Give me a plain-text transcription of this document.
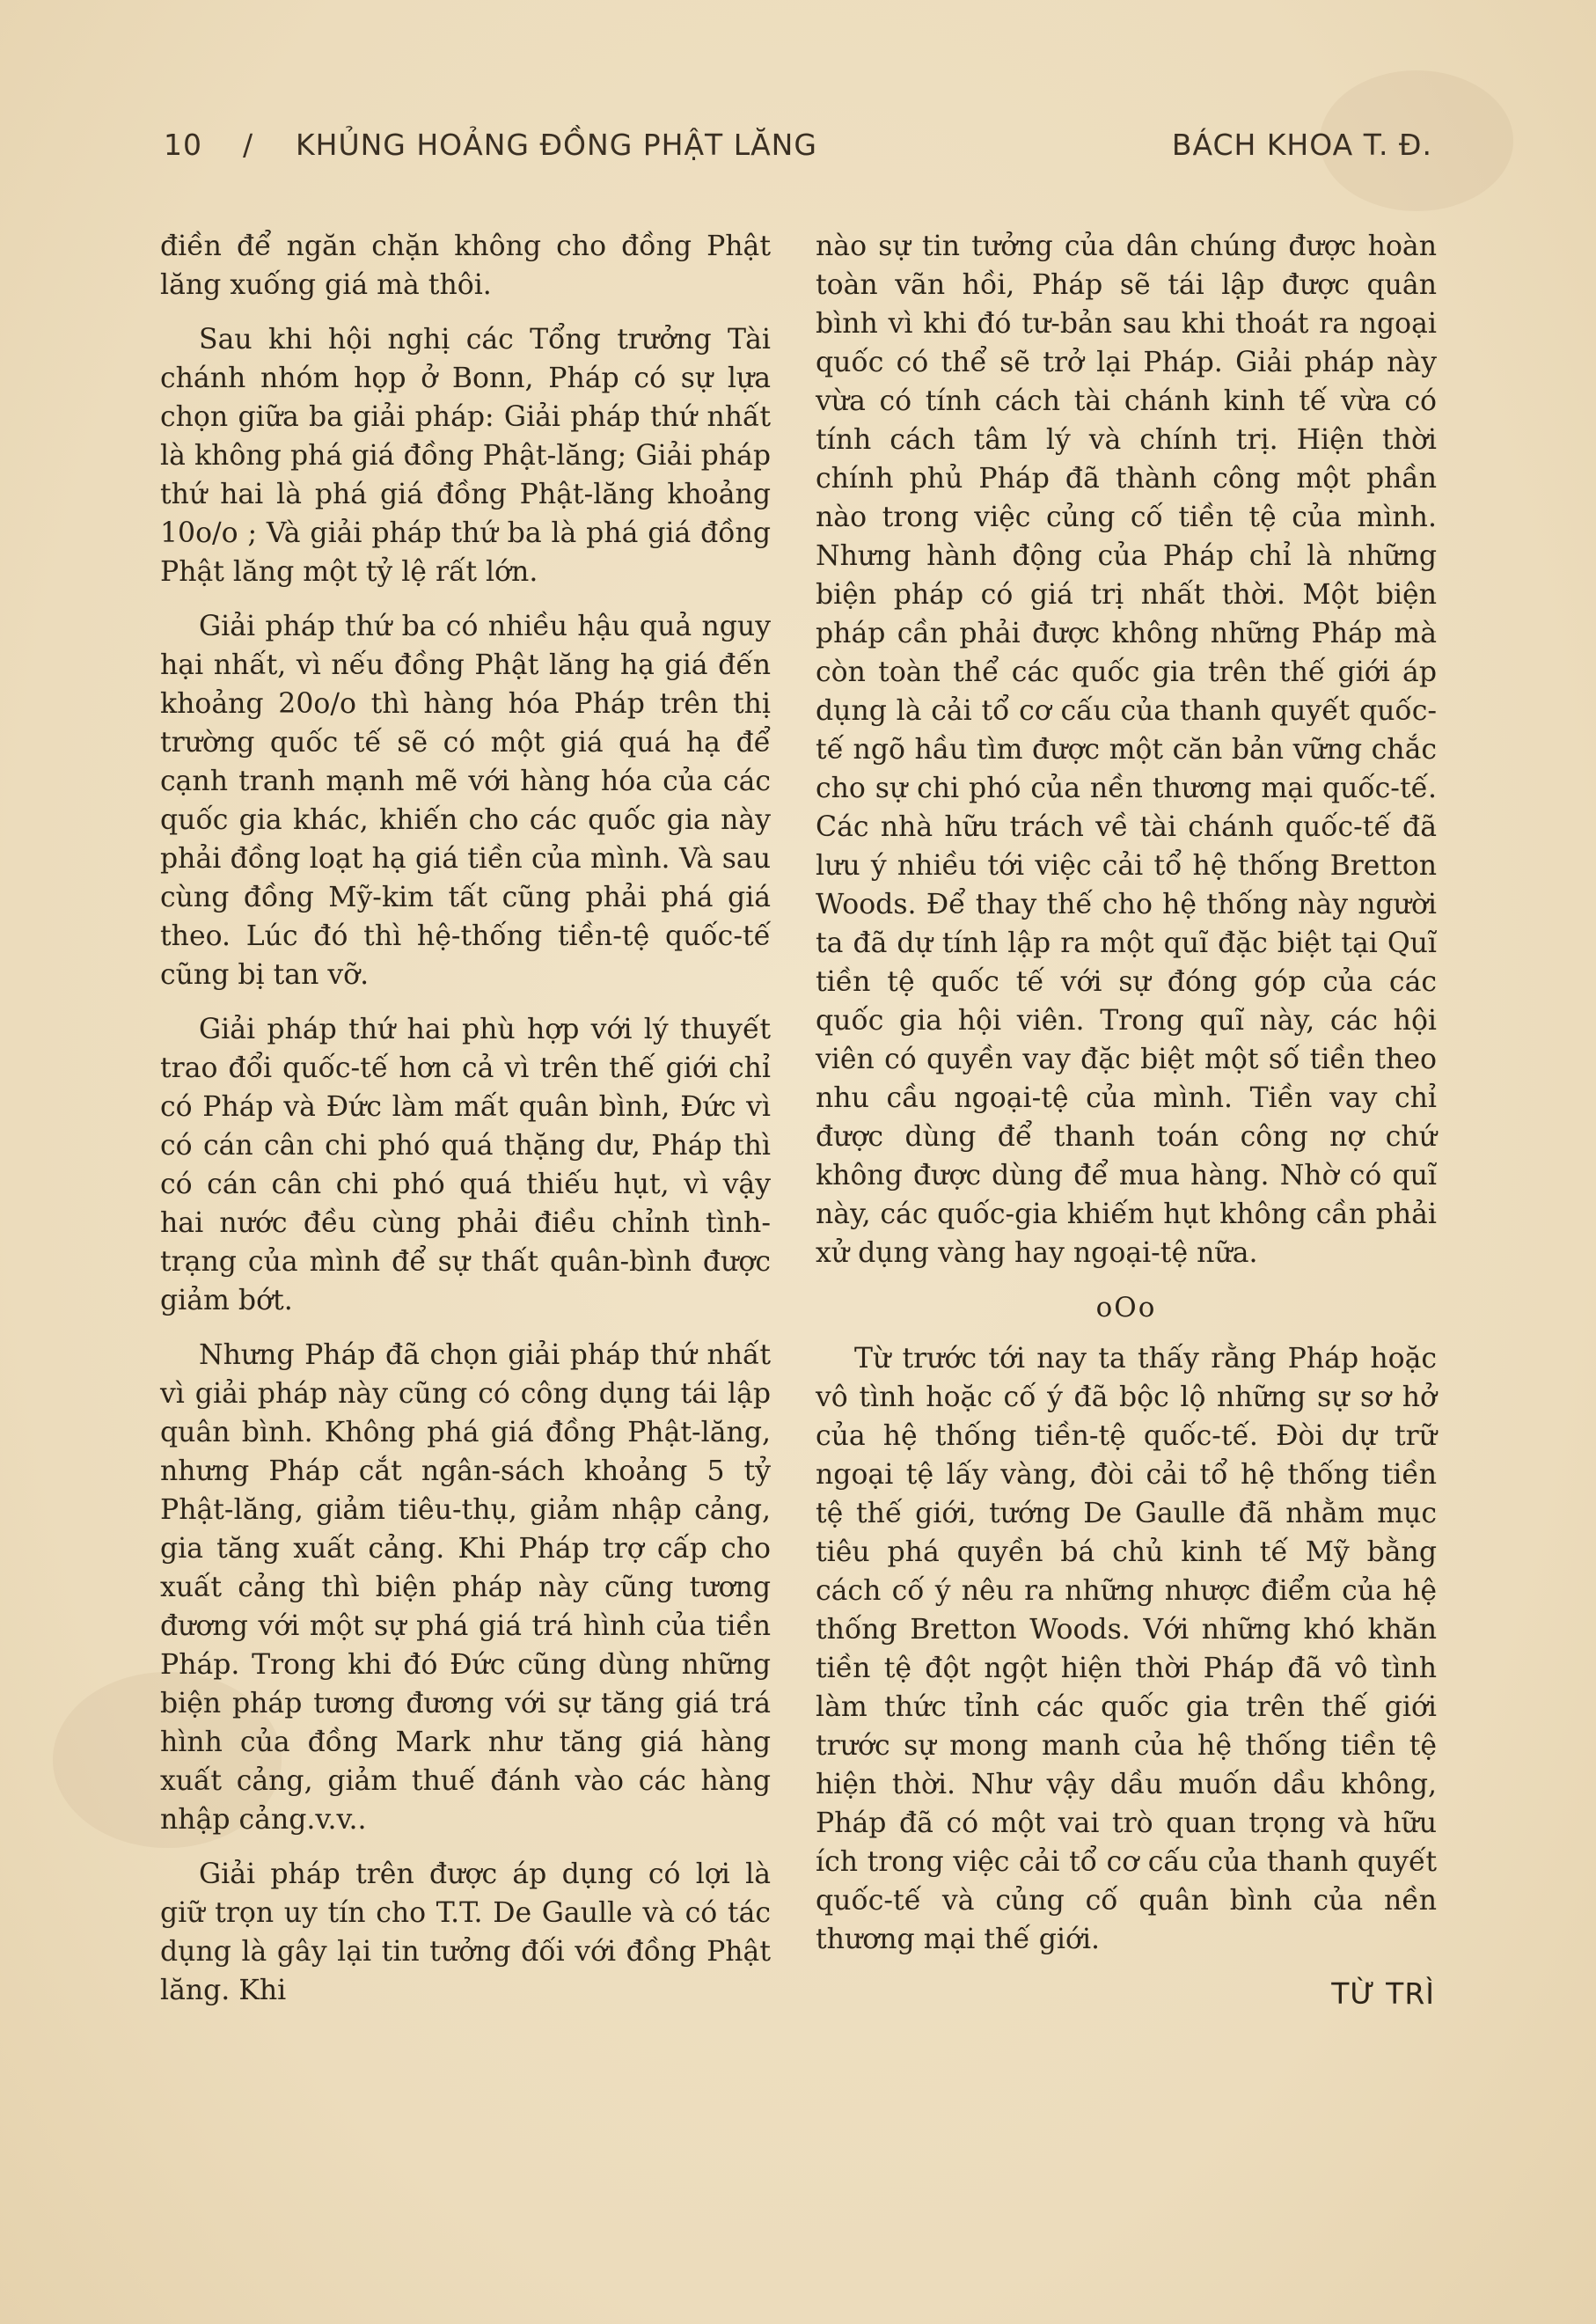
10 / KHỦNG HOẢNG ĐỒNG PHẬT LĂNG	BÁCH KHOA T. Đ.

điền để ngăn chặn không cho đồng Phật lăng xuống giá mà thôi.

Sau khi hội nghị các Tổng trưởng Tài chánh nhóm họp ở Bonn, Pháp có sự lựa chọn giữa ba giải pháp: Giải pháp thứ nhất là không phá giá đồng Phật-lăng; Giải pháp thứ hai là phá giá đồng Phật-lăng khoảng 10o/o ; Và giải pháp thứ ba là phá giá đồng Phật lăng một tỷ lệ rất lớn.

Giải pháp thứ ba có nhiều hậu quả nguy hại nhất, vì nếu đồng Phật lăng hạ giá đến khoảng 20o/o thì hàng hóa Pháp trên thị trường quốc tế sẽ có một giá quá hạ để cạnh tranh mạnh mẽ với hàng hóa của các quốc gia khác, khiến cho các quốc gia này phải đồng loạt hạ giá tiền của mình. Và sau cùng đồng Mỹ-kim tất cũng phải phá giá theo. Lúc đó thì hệ-thống tiền-tệ quốc-tế cũng bị tan vỡ.

Giải pháp thứ hai phù hợp với lý thuyết trao đổi quốc-tế hơn cả vì trên thế giới chỉ có Pháp và Đức làm mất quân bình, Đức vì có cán cân chi phó quá thặng dư, Pháp thì có cán cân chi phó quá thiếu hụt, vì vậy hai nước đều cùng phải điều chỉnh tình-trạng của mình để sự thất quân-bình được giảm bớt.

Nhưng Pháp đã chọn giải pháp thứ nhất vì giải pháp này cũng có công dụng tái lập quân bình. Không phá giá đồng Phật-lăng, nhưng Pháp cắt ngân-sách khoảng 5 tỷ Phật-lăng, giảm tiêu-thụ, giảm nhập cảng, gia tăng xuất cảng. Khi Pháp trợ cấp cho xuất cảng thì biện pháp này cũng tương đương với một sự phá giá trá hình của tiền Pháp. Trong khi đó Đức cũng dùng những biện pháp tương đương với sự tăng giá trá hình của đồng Mark như tăng giá hàng xuất cảng, giảm thuế đánh vào các hàng nhập cảng.v.v..

Giải pháp trên được áp dụng có lợi là giữ trọn uy tín cho T.T. De Gaulle và có tác dụng là gây lại tin tưởng đối với đồng Phật lăng. Khi

nào sự tin tưởng của dân chúng được hoàn toàn vãn hồi, Pháp sẽ tái lập được quân bình vì khi đó tư-bản sau khi thoát ra ngoại quốc có thể sẽ trở lại Pháp. Giải pháp này vừa có tính cách tài chánh kinh tế vừa có tính cách tâm lý và chính trị. Hiện thời chính phủ Pháp đã thành công một phần nào trong việc củng cố tiền tệ của mình. Nhưng hành động của Pháp chỉ là những biện pháp có giá trị nhất thời. Một biện pháp cần phải được không những Pháp mà còn toàn thể các quốc gia trên thế giới áp dụng là cải tổ cơ cấu của thanh quyết quốc-tế ngõ hầu tìm được một căn bản vững chắc cho sự chi phó của nền thương mại quốc-tế. Các nhà hữu trách về tài chánh quốc-tế đã lưu ý nhiều tới việc cải tổ hệ thống Bretton Woods. Để thay thế cho hệ thống này người ta đã dự tính lập ra một quĩ đặc biệt tại Quĩ tiền tệ quốc tế với sự đóng góp của các quốc gia hội viên. Trong quĩ này, các hội viên có quyền vay đặc biệt một số tiền theo nhu cầu ngoại-tệ của mình. Tiền vay chỉ được dùng để thanh toán công nợ chứ không được dùng để mua hàng. Nhờ có quĩ này, các quốc-gia khiếm hụt không cần phải xử dụng vàng hay ngoại-tệ nữa.

oOo

Từ trước tới nay ta thấy rằng Pháp hoặc vô tình hoặc cố ý đã bộc lộ những sự sơ hở của hệ thống tiền-tệ quốc-tế. Đòi dự trữ ngoại tệ lấy vàng, đòi cải tổ hệ thống tiền tệ thế giới, tướng De Gaulle đã nhằm mục tiêu phá quyền bá chủ kinh tế Mỹ bằng cách cố ý nêu ra những nhược điểm của hệ thống Bretton Woods. Với những khó khăn tiền tệ đột ngột hiện thời Pháp đã vô tình làm thức tỉnh các quốc gia trên thế giới trước sự mong manh của hệ thống tiền tệ hiện thời. Như vậy dầu muốn dầu không, Pháp đã có một vai trò quan trọng và hữu ích trong việc cải tổ cơ cấu của thanh quyết quốc-tế và củng cố quân bình của nền thương mại thế giới.

TỪ TRÌ
